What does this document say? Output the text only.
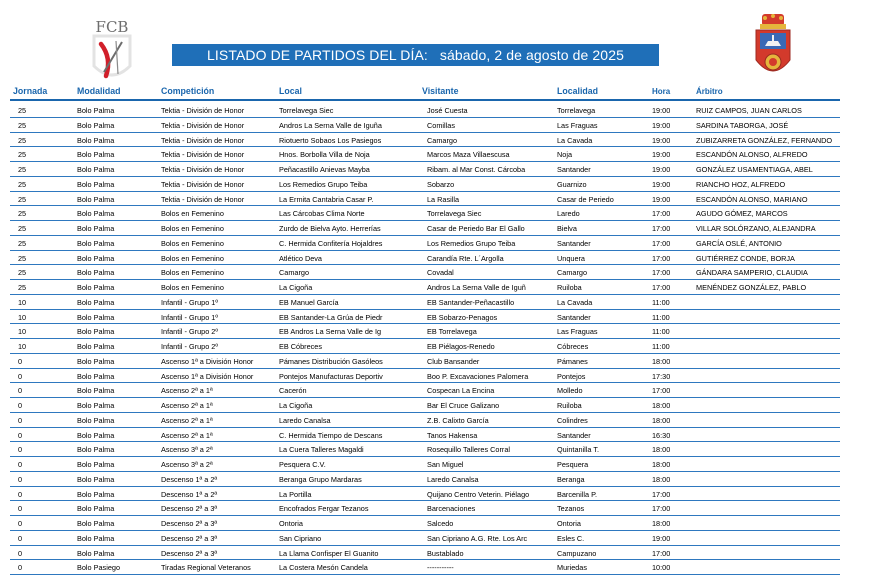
FCB
LISTADO DE PARTIDOS DEL DÍA:   sábado, 2 de agosto de 2025
Jornada	Modalidad	Competición	Local	Visitante	Localidad	Hora	Árbitro
25	Bolo Palma	Tektia - División de Honor	Torrelavega Siec	José Cuesta	Torrelavega	19:00	RUIZ CAMPOS, JUAN CARLOS
25	Bolo Palma	Tektia - División de Honor	Andros La Serna Valle de Iguña	Comillas	Las Fraguas	19:00	SARDINA TABORGA, JOSÉ
25	Bolo Palma	Tektia - División de Honor	Riotuerto Sobaos Los Pasiegos	Camargo	La Cavada	19:00	ZUBIZARRETA GONZÁLEZ, FERNANDO
25	Bolo Palma	Tektia - División de Honor	Hnos. Borbolla Villa de Noja	Marcos Maza Villaescusa	Noja	19:00	ESCANDÓN ALONSO, ALFREDO
25	Bolo Palma	Tektia - División de Honor	Peñacastillo Anievas Mayba	Ribam. al Mar Const. Cárcoba	Santander	19:00	GONZÁLEZ USAMENTIAGA, ABEL
25	Bolo Palma	Tektia - División de Honor	Los Remedios Grupo Teiba	Sobarzo	Guarnizo	19:00	RIANCHO HOZ, ALFREDO
25	Bolo Palma	Tektia - División de Honor	La Ermita Cantabria Casar P.	La Rasilla	Casar de Periedo	19:00	ESCANDÓN ALONSO, MARIANO
25	Bolo Palma	Bolos en Femenino	Las Cárcobas Clima Norte	Torrelavega Siec	Laredo	17:00	AGUDO GÓMEZ, MARCOS
25	Bolo Palma	Bolos en Femenino	Zurdo de Bielva Ayto. Herrerías	Casar de Periedo Bar El Gallo	Bielva	17:00	VILLAR SOLÓRZANO, ALEJANDRA
25	Bolo Palma	Bolos en Femenino	C. Hermida Confitería Hojaldres	Los Remedios Grupo Teiba	Santander	17:00	GARCÍA OSLÉ, ANTONIO
25	Bolo Palma	Bolos en Femenino	Atlético Deva	Carandía Rte. L´Argolla	Unquera	17:00	GUTIÉRREZ CONDE, BORJA
25	Bolo Palma	Bolos en Femenino	Camargo	Covadal	Camargo	17:00	GÁNDARA SAMPERIO, CLAUDIA
25	Bolo Palma	Bolos en Femenino	La Cigoña	Andros La Serna Valle de Iguñ	Ruiloba	17:00	MENÉNDEZ GONZÁLEZ, PABLO
10	Bolo Palma	Infantil - Grupo 1º	EB Manuel García	EB Santander-Peñacastillo	La Cavada	11:00
10	Bolo Palma	Infantil - Grupo 1º	EB Santander-La Grúa de Piedr	EB Sobarzo-Penagos	Santander	11:00
10	Bolo Palma	Infantil - Grupo 2º	EB Andros La Serna Valle de Ig	EB Torrelavega	Las Fraguas	11:00
10	Bolo Palma	Infantil - Grupo 2º	EB Cóbreces	EB Piélagos-Renedo	Cóbreces	11:00
0	Bolo Palma	Ascenso 1ª a División Honor	Pámanes Distribución Gasóleos	Club Bansander	Pámanes	18:00
0	Bolo Palma	Ascenso 1ª a División Honor	Pontejos Manufacturas Deportiv	Boo P. Excavaciones Palomera	Pontejos	17:30
0	Bolo Palma	Ascenso 2ª a 1ª	Cacerón	Cospecan La Encina	Molledo	17:00
0	Bolo Palma	Ascenso 2ª a 1ª	La Cigoña	Bar El Cruce Galizano	Ruiloba	18:00
0	Bolo Palma	Ascenso 2ª a 1ª	Laredo Canalsa	Z.B. Calixto García	Colindres	18:00
0	Bolo Palma	Ascenso 2ª a 1ª	C. Hermida Tiempo de Descans	Tanos Hakensa	Santander	16:30
0	Bolo Palma	Ascenso 3ª a 2ª	La Cuera Talleres Magaldi	Rosequillo Talleres Corral	Quintanilla T.	18:00
0	Bolo Palma	Ascenso 3ª a 2ª	Pesquera C.V.	San Miguel	Pesquera	18:00
0	Bolo Palma	Descenso 1ª a 2ª	Beranga Grupo Mardaras	Laredo Canalsa	Beranga	18:00
0	Bolo Palma	Descenso 1ª a 2ª	La Portilla	Quijano Centro Veterin. Piélago	Barcenilla P.	17:00
0	Bolo Palma	Descenso 2ª a 3ª	Encofrados Fergar Tezanos	Barcenaciones	Tezanos	17:00
0	Bolo Palma	Descenso 2ª a 3ª	Ontoria	Salcedo	Ontoria	18:00
0	Bolo Palma	Descenso 2ª a 3ª	San Cipriano	San Cipriano A.G. Rte. Los Arc	Esles C.	19:00
0	Bolo Palma	Descenso 2ª a 3ª	La Llama Confisper El Guanito	Bustablado	Campuzano	17:00
0	Bolo Pasiego	Tiradas Regional Veteranos	La Costera Mesón Candela	-----------	Muriedas	10:00
